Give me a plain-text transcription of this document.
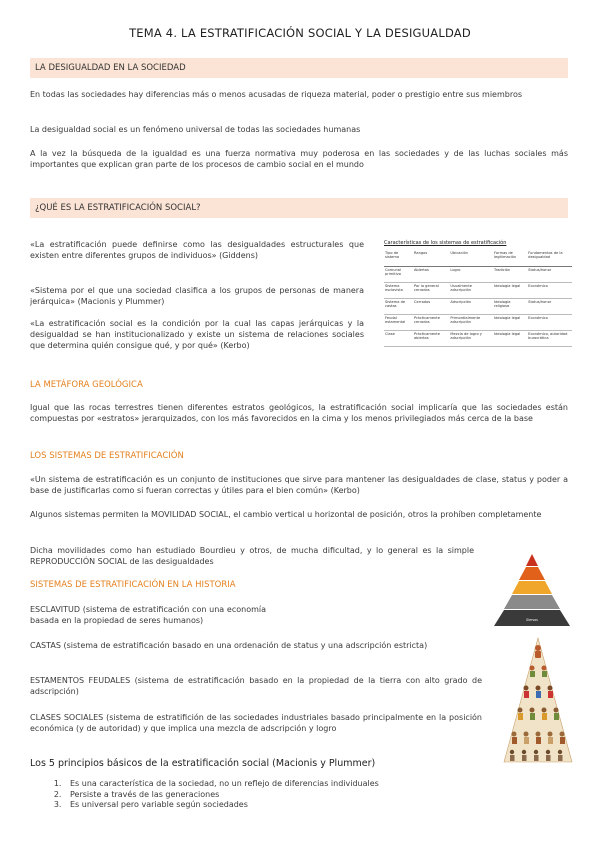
TEMA 4. LA ESTRATIFICACIÓN SOCIAL Y LA DESIGUALDAD
LA DESIGUALDAD EN LA SOCIEDAD
En todas las sociedades hay diferencias más o menos acusadas de riqueza material, poder o prestigio entre sus miembros
La desigualdad social es un fenómeno universal de todas las sociedades humanas
A la vez la búsqueda de la igualdad es una fuerza normativa muy poderosa en las sociedades y de las luchas sociales más importantes que explican gran parte de los procesos de cambio social en el mundo
¿QUÉ ES LA ESTRATIFICACIÓN SOCIAL?
«La estratificación puede definirse como las desigualdades estructurales que existen entre diferentes grupos de individuos» (Giddens)
«Sistema por el que una sociedad clasifica a los grupos de personas de manera jerárquica» (Macionis y Plummer)
«La estratificación social es la condición por la cual las capas jerárquicas y la desigualdad se han institucionalizado y existe un sistema de relaciones sociales que determina quién consigue qué, y por qué» (Kerbo)
Características de los sistemas de estratificación
Tipo de sistema	Rangos	Ubicación	Formas de legitimación	Fundamentos de la desigualdad
Comunal primitivo	Abiertos	Logro	Tradición	Status/honor
Sistema esclavista	Por lo general cerrados	Usualmente adscripción	Ideología legal	Económico
Sistema de castas	Cerrados	Adscripción	Ideología religiosa	Status/honor
Feudal estamental	Prácticamente cerrados	Primordialmente adscripción	Ideología legal	Económico
Clase	Prácticamente abiertos	Mezcla de logro y adscripción	Ideología legal	Económico, autoridad burocrática
LA METÁFORA GEOLÓGICA
Igual que las rocas terrestres tienen diferentes estratos geológicos, la estratificación social implicaría que las sociedades están compuestas por «estratos» jerarquizados, con los más favorecidos en la cima y los menos privilegiados más cerca de la base
LOS SISTEMAS DE ESTRATIFICACIÓN
«Un sistema de estratificación es un conjunto de instituciones que sirve para mantener las desigualdades de clase, status y poder a base de justificarlas como si fueran correctas y útiles para el bien común» (Kerbo)
Algunos sistemas permiten la MOVILIDAD SOCIAL, el cambio vertical u horizontal de posición, otros la prohíben completamente
Dicha movilidades como han estudiado Bourdieu y otros, de mucha dificultad, y lo general es la simple REPRODUCCIÓN SOCIAL de las desigualdades
SISTEMAS DE ESTRATIFICACIÓN EN LA HISTORIA
ESCLAVITUD (sistema de estratificación con una economía basada en la propiedad de seres humanos)
CASTAS (sistema de estratificación basado en una ordenación de status y una adscripción estricta)
ESTAMENTOS FEUDALES (sistema de estratificación basado en la propiedad de la tierra con alto grado de adscripción)
CLASES SOCIALES (sistema de estratifición de las sociedades industriales basado principalmente en la posición económica (y de autoridad) y que implica una mezcla de adscripción y logro
Los 5 principios básicos de la estratificación social (Macionis y Plummer)
1. Es una característica de la sociedad, no un reflejo de diferencias individuales
2. Persiste a través de las generaciones
3. Es universal pero variable según sociedades
Siervos
